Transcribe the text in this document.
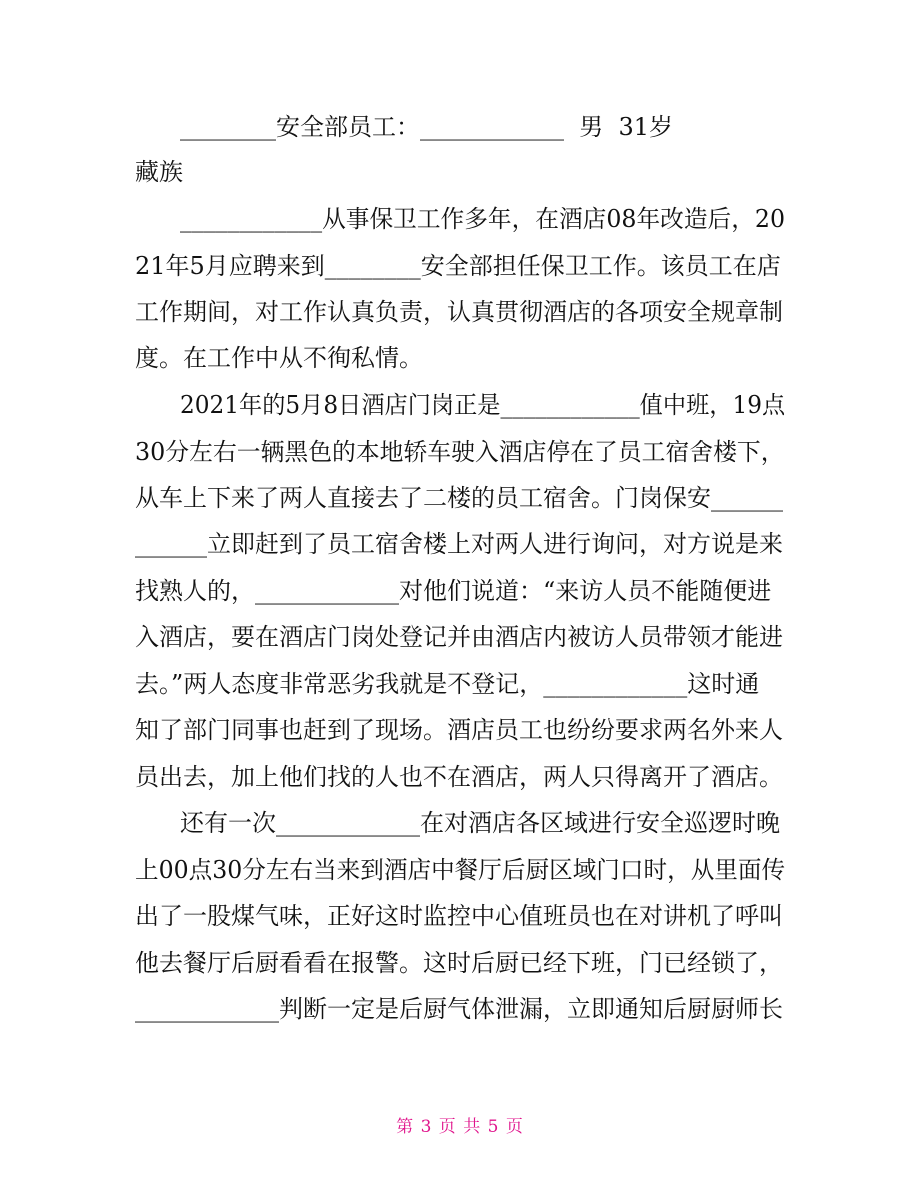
________安全部员工：____________  男  31岁
藏族
____________从事保卫工作多年，在酒店08年改造后，20
21年5月应聘来到________安全部担任保卫工作。该员工在店
工作期间，对工作认真负责，认真贯彻酒店的各项安全规章制
度。在工作中从不徇私情。
2021年的5月8日酒店门岗正是____________值中班，19点
30分左右一辆黑色的本地轿车驶入酒店停在了员工宿舍楼下，
从车上下来了两人直接去了二楼的员工宿舍。门岗保安______
______立即赶到了员工宿舍楼上对两人进行询问，对方说是来
找熟人的，____________对他们说道：“来访人员不能随便进
入酒店，要在酒店门岗处登记并由酒店内被访人员带领才能进
去。”两人态度非常恶劣我就是不登记，____________这时通
知了部门同事也赶到了现场。酒店员工也纷纷要求两名外来人
员出去，加上他们找的人也不在酒店，两人只得离开了酒店。
还有一次____________在对酒店各区域进行安全巡逻时晚
上00点30分左右当来到酒店中餐厅后厨区域门口时，从里面传
出了一股煤气味，正好这时监控中心值班员也在对讲机了呼叫
他去餐厅后厨看看在报警。这时后厨已经下班，门已经锁了，
____________判断一定是后厨气体泄漏，立即通知后厨厨师长
第 3 页 共 5 页
